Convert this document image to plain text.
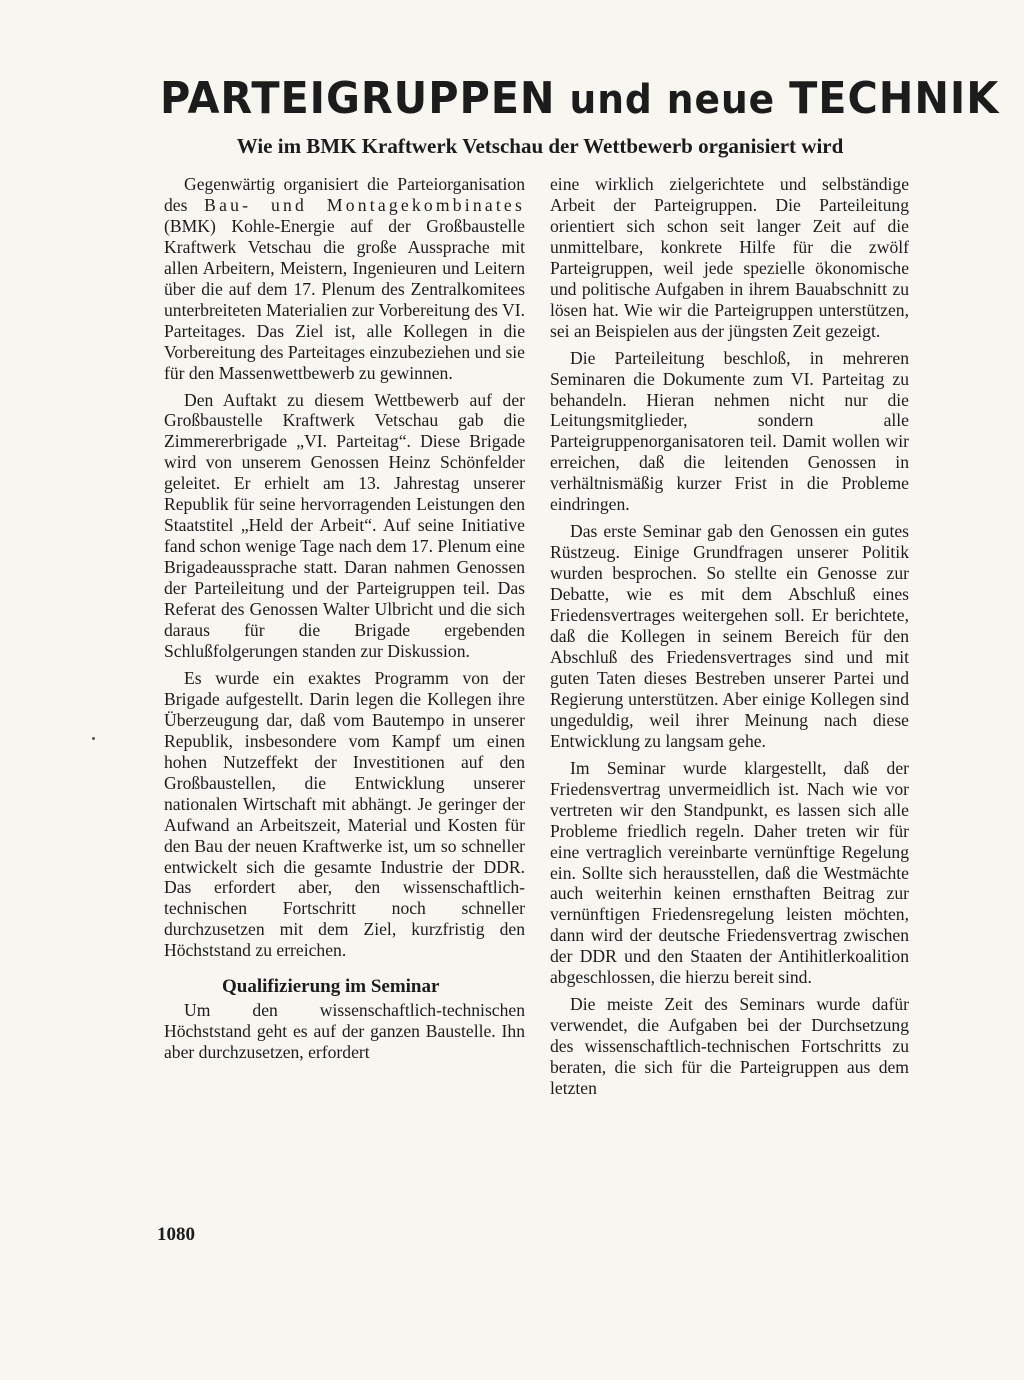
PARTEIGRUPPEN und neue TECHNIK
Wie im BMK Kraftwerk Vetschau der Wettbewerb organisiert wird

Gegenwärtig organisiert die Parteiorganisation des Bau- und Montagekombinates (BMK) Kohle-Energie auf der Großbaustelle Kraftwerk Vetschau die große Aussprache mit allen Arbeitern, Meistern, Ingenieuren und Leitern über die auf dem 17. Plenum des Zentralkomitees unterbreiteten Materialien zur Vorbereitung des VI. Parteitages. Das Ziel ist, alle Kollegen in die Vorbereitung des Parteitages einzubeziehen und sie für den Massenwettbewerb zu gewinnen.

Den Auftakt zu diesem Wettbewerb auf der Großbaustelle Kraftwerk Vetschau gab die Zimmererbrigade „VI. Parteitag“. Diese Brigade wird von unserem Genossen Heinz Schönfelder geleitet. Er erhielt am 13. Jahrestag unserer Republik für seine hervorragenden Leistungen den Staatstitel „Held der Arbeit“. Auf seine Initiative fand schon wenige Tage nach dem 17. Plenum eine Brigadeaussprache statt. Daran nahmen Genossen der Parteileitung und der Parteigruppen teil. Das Referat des Genossen Walter Ulbricht und die sich daraus für die Brigade ergebenden Schlußfolgerungen standen zur Diskussion.

Es wurde ein exaktes Programm von der Brigade aufgestellt. Darin legen die Kollegen ihre Überzeugung dar, daß vom Bautempo in unserer Republik, insbesondere vom Kampf um einen hohen Nutzeffekt der Investitionen auf den Großbaustellen, die Entwicklung unserer nationalen Wirtschaft mit abhängt. Je geringer der Aufwand an Arbeitszeit, Material und Kosten für den Bau der neuen Kraftwerke ist, um so schneller entwickelt sich die gesamte Industrie der DDR. Das erfordert aber, den wissenschaftlich-technischen Fortschritt noch schneller durchzusetzen mit dem Ziel, kurzfristig den Höchststand zu erreichen.

Qualifizierung im Seminar

Um den wissenschaftlich-technischen Höchststand geht es auf der ganzen Baustelle. Ihn aber durchzusetzen, erfordert

eine wirklich zielgerichtete und selbständige Arbeit der Parteigruppen. Die Parteileitung orientiert sich schon seit langer Zeit auf die unmittelbare, konkrete Hilfe für die zwölf Parteigruppen, weil jede spezielle ökonomische und politische Aufgaben in ihrem Bauabschnitt zu lösen hat. Wie wir die Parteigruppen unterstützen, sei an Beispielen aus der jüngsten Zeit gezeigt.

Die Parteileitung beschloß, in mehreren Seminaren die Dokumente zum VI. Parteitag zu behandeln. Hieran nehmen nicht nur die Leitungsmitglieder, sondern alle Parteigruppenorganisatoren teil. Damit wollen wir erreichen, daß die leitenden Genossen in verhältnismäßig kurzer Frist in die Probleme eindringen.

Das erste Seminar gab den Genossen ein gutes Rüstzeug. Einige Grundfragen unserer Politik wurden besprochen. So stellte ein Genosse zur Debatte, wie es mit dem Abschluß eines Friedensvertrages weitergehen soll. Er berichtete, daß die Kollegen in seinem Bereich für den Abschluß des Friedensvertrages sind und mit guten Taten dieses Bestreben unserer Partei und Regierung unterstützen. Aber einige Kollegen sind ungeduldig, weil ihrer Meinung nach diese Entwicklung zu langsam gehe.

Im Seminar wurde klargestellt, daß der Friedensvertrag unvermeidlich ist. Nach wie vor vertreten wir den Standpunkt, es lassen sich alle Probleme friedlich regeln. Daher treten wir für eine vertraglich vereinbarte vernünftige Regelung ein. Sollte sich herausstellen, daß die Westmächte auch weiterhin keinen ernsthaften Beitrag zur vernünftigen Friedensregelung leisten möchten, dann wird der deutsche Friedensvertrag zwischen der DDR und den Staaten der Antihitlerkoalition abgeschlossen, die hierzu bereit sind.

Die meiste Zeit des Seminars wurde dafür verwendet, die Aufgaben bei der Durchsetzung des wissenschaftlich-technischen Fortschritts zu beraten, die sich für die Parteigruppen aus dem letzten

1080
